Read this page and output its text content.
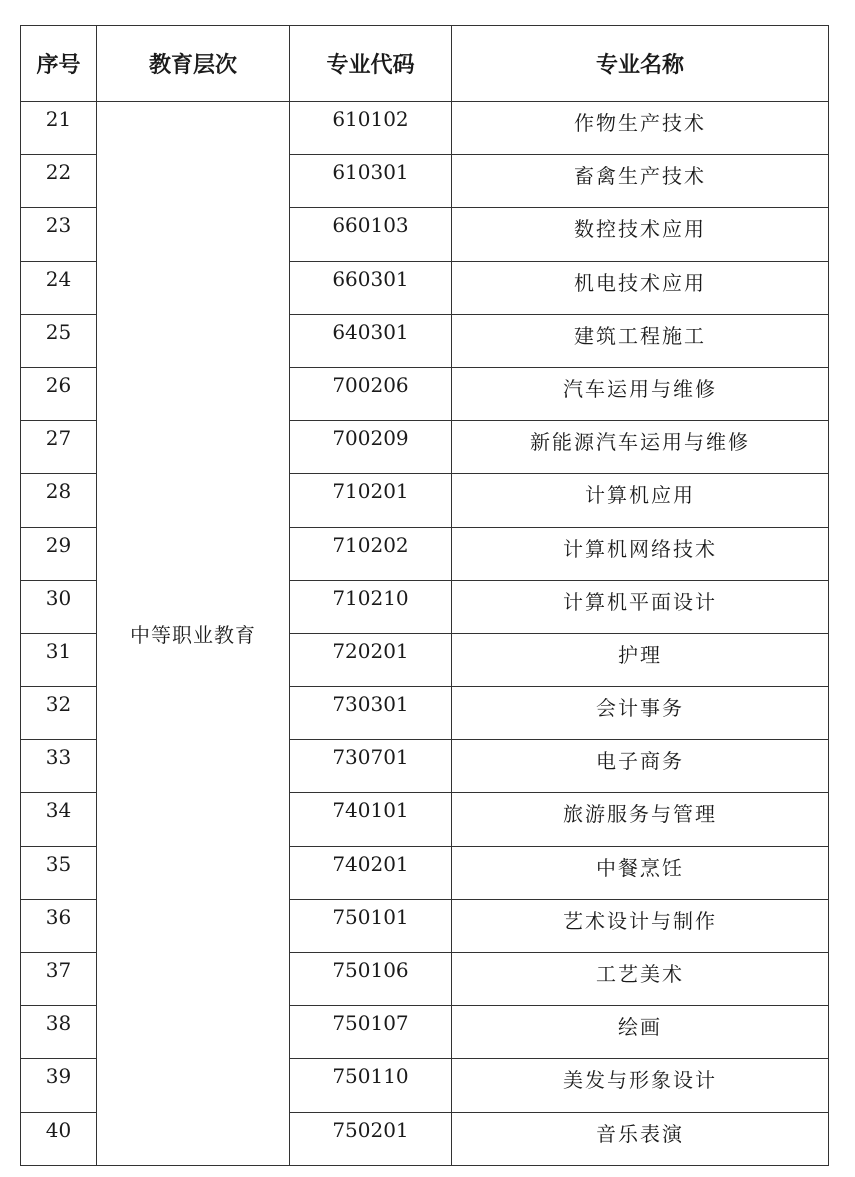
序号	教育层次	专业代码	专业名称
21	中等职业教育	610102	作物生产技术
22		610301	畜禽生产技术
23		660103	数控技术应用
24		660301	机电技术应用
25		640301	建筑工程施工
26		700206	汽车运用与维修
27		700209	新能源汽车运用与维修
28		710201	计算机应用
29		710202	计算机网络技术
30		710210	计算机平面设计
31		720201	护理
32		730301	会计事务
33		730701	电子商务
34		740101	旅游服务与管理
35		740201	中餐烹饪
36		750101	艺术设计与制作
37		750106	工艺美术
38		750107	绘画
39		750110	美发与形象设计
40		750201	音乐表演
